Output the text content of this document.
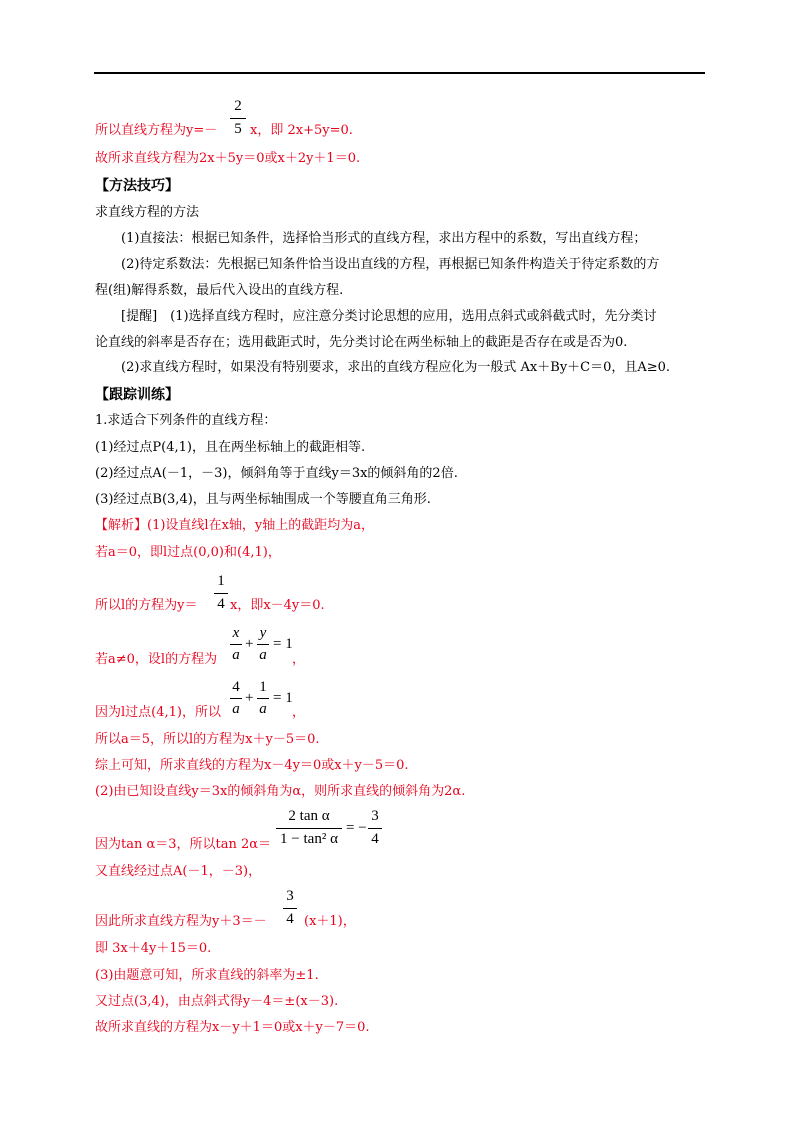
所以直线方程为y=－
2
5 x，即 2x+5y=0.
故所求直线方程为2x＋5y＝0或x＋2y＋1＝0.
【方法技巧】
求直线方程的方法
(1)直接法：根据已知条件，选择恰当形式的直线方程，求出方程中的系数，写出直线方程；
(2)待定系数法：先根据已知条件恰当设出直线的方程，再根据已知条件构造关于待定系数的方
程(组)解得系数，最后代入设出的直线方程.
[提醒]　(1)选择直线方程时，应注意分类讨论思想的应用，选用点斜式或斜截式时，先分类讨
论直线的斜率是否存在；选用截距式时，先分类讨论在两坐标轴上的截距是否存在或是否为0.
(2)求直线方程时，如果没有特别要求，求出的直线方程应化为一般式 Ax＋By＋C＝0，且A≥0.
【跟踪训练】
1.求适合下列条件的直线方程：
(1)经过点P(4,1)，且在两坐标轴上的截距相等.
(2)经过点A(－1，－3)，倾斜角等于直线y＝3x的倾斜角的2倍.
(3)经过点B(3,4)，且与两坐标轴围成一个等腰直角三角形.
【解析】(1)设直线l在x轴，y轴上的截距均为a，
若a＝0，即l过点(0,0)和(4,1)，
所以l的方程为y＝
1
4 x，即x－4y＝0.
若a≠0，设l的方程为
x
a
+
y
a
= 1
，
因为l过点(4,1)，所以
4
a
+
1
a
= 1
，
所以a＝5，所以l的方程为x＋y－5＝0.
综上可知，所求直线的方程为x－4y＝0或x＋y－5＝0.
(2)由已知设直线y＝3x的倾斜角为α，则所求直线的倾斜角为2α.
因为tan α＝3，所以tan 2α＝
2 tan α
1 − tan² α
= −
3
4
又直线经过点A(－1，－3)，
因此所求直线方程为y＋3＝－
3
4 (x＋1)，
即 3x＋4y＋15＝0.
(3)由题意可知，所求直线的斜率为±1.
又过点(3,4)，由点斜式得y－4＝±(x－3).
故所求直线的方程为x－y＋1＝0或x＋y－7＝0.
